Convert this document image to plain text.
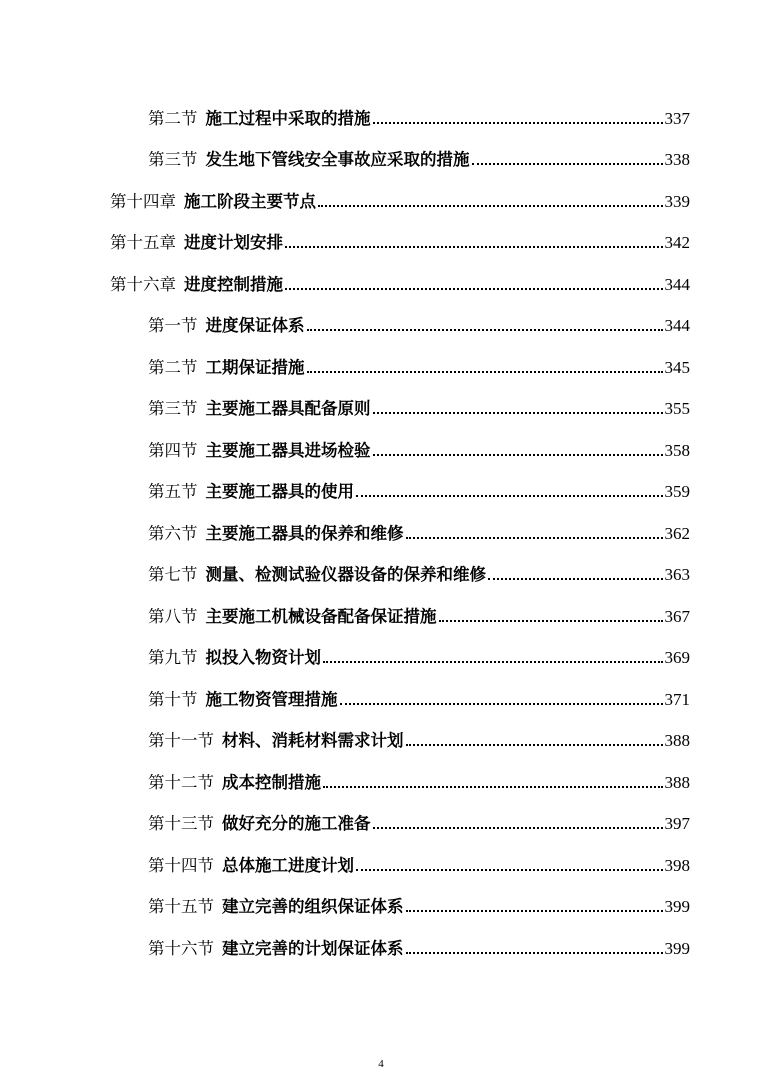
第二节 施工过程中采取的措施	337
第三节 发生地下管线安全事故应采取的措施	338
第十四章 施工阶段主要节点	339
第十五章 进度计划安排	342
第十六章 进度控制措施	344
第一节 进度保证体系	344
第二节 工期保证措施	345
第三节 主要施工器具配备原则	355
第四节 主要施工器具进场检验	358
第五节 主要施工器具的使用	359
第六节 主要施工器具的保养和维修	362
第七节 测量、检测试验仪器设备的保养和维修	363
第八节 主要施工机械设备配备保证措施	367
第九节 拟投入物资计划	369
第十节 施工物资管理措施	371
第十一节 材料、消耗材料需求计划	388
第十二节 成本控制措施	388
第十三节 做好充分的施工准备	397
第十四节 总体施工进度计划	398
第十五节 建立完善的组织保证体系	399
第十六节 建立完善的计划保证体系	399
4
